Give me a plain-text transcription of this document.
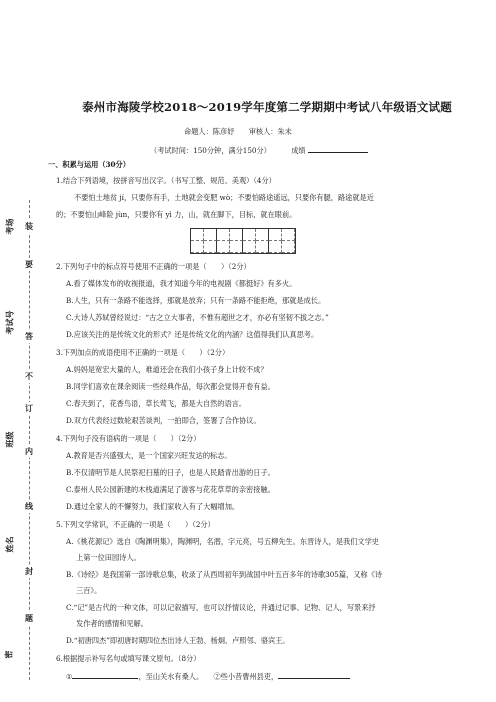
考场
考试号
班级
姓名
密
装
要
答
不
订
内
线
封
题
泰州市海陵学校2018～2019学年度第二学期期中考试八年级语文试题
命题人：陈彦妤　　审核人：朱未
（考试时间：150分钟，满分150分）	成绩
一、积累与运用（30分）
1.结合下列语境，按拼音写出汉字。（书写工整、规范、美观）（4分）
不要怕土地贫 jí，只要你有手，土地就会变肥 wò；不要怕路途遥远，只要你有腿，路途就是近
的；不要怕山峰险 jùn，只要你有 yì 力，山，就在脚下，目标，就在眼前。
2.下列句子中的标点符号使用不正确的一项是（　　）（2分）
A.看了媒体发布的收视报道，我才知道今年的电视剧《都挺好》有多火。
B.人生，只有一条路不能选择，那就是放弃；只有一条路不能拒绝，那就是成长。
C.大诗人苏轼曾经说过：“古之立大事者，不惟有超世之才，亦必有坚韧不拔之志。”
D.应该关注的是传统文化的形式？还是传统文化的内涵？这值得我们认真思考。
3.下列加点的成语使用不正确的一项是（　　）（2分）
A.妈妈是宽宏大量的人，难道还会在我们小孩子身上计较不成？
B.同学们喜欢在课余阅读一些经典作品，每次都会觉得开卷有益。
C.春天到了，花香鸟语，草长莺飞，都是大自然的语言。
D.双方代表经过数轮艰苦谈判，一拍即合，签署了合作协议。
4.下列句子没有语病的一项是（　　）（2分）
A.教育是否兴盛强大，是一个国家兴旺发达的标志。
B.不仅清明节是人民祭祀扫墓的日子，也是人民踏青出游的日子。
C.泰州人民公园新建的木栈道满足了游客与花花草草的亲密接触。
D.通过全家人的不懈努力，我们家收入有了大幅增加。
5.下列文学常识，不正确的一项是（　　）（2分）
A.《桃花源记》选自《陶渊明集》，陶渊明，名潜，字元亮，号五柳先生。东晋诗人，是我们文学史
上第一位田园诗人。
B.《诗经》是我国第一部诗歌总集，收录了从西周初年到战国中叶五百多年的诗歌305篇，又称《诗
三百》。
C.“记”是古代的一种文体，可以记叙描写，也可以抒情议论，并通过记事、记物、记人，写景来抒
发作者的感情和见解。
D.“初唐四杰”即初唐时期四位杰出诗人王勃、杨炯、卢照邻、骆宾王。
6.根据提示补写名句或填写课文原句。（8分）
①	，至山关水有桑人。 ②些小昔曹州县吏，
